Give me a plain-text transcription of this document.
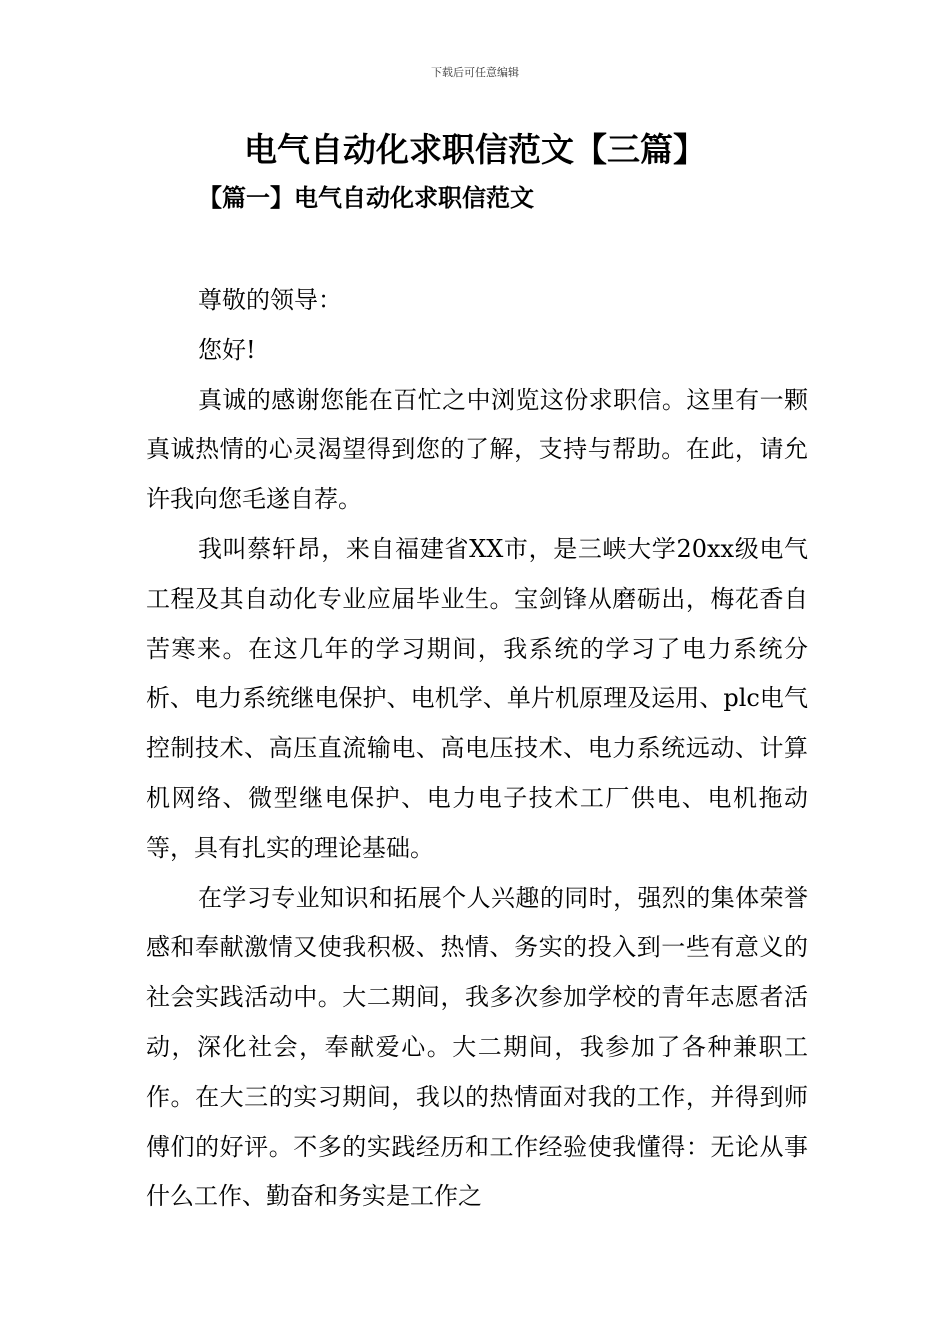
下载后可任意编辑
电气自动化求职信范文【三篇】
【篇一】电气自动化求职信范文

尊敬的领导：

您好!

真诚的感谢您能在百忙之中浏览这份求职信。这里有一颗真诚热情的心灵渴望得到您的了解，支持与帮助。在此，请允许我向您毛遂自荐。

我叫蔡轩昂，来自福建省XX市，是三峡大学20xx级电气工程及其自动化专业应届毕业生。宝剑锋从磨砺出，梅花香自苦寒来。在这几年的学习期间，我系统的学习了电力系统分析、电力系统继电保护、电机学、单片机原理及运用、plc电气控制技术、高压直流输电、高电压技术、电力系统远动、计算机网络、微型继电保护、电力电子技术工厂供电、电机拖动等，具有扎实的理论基础。

在学习专业知识和拓展个人兴趣的同时，强烈的集体荣誉感和奉献激情又使我积极、热情、务实的投入到一些有意义的社会实践活动中。大二期间，我多次参加学校的青年志愿者活动，深化社会，奉献爱心。大二期间，我参加了各种兼职工作。在大三的实习期间，我以的热情面对我的工作，并得到师傅们的好评。不多的实践经历和工作经验使我懂得：无论从事什么工作、勤奋和务实是工作之
